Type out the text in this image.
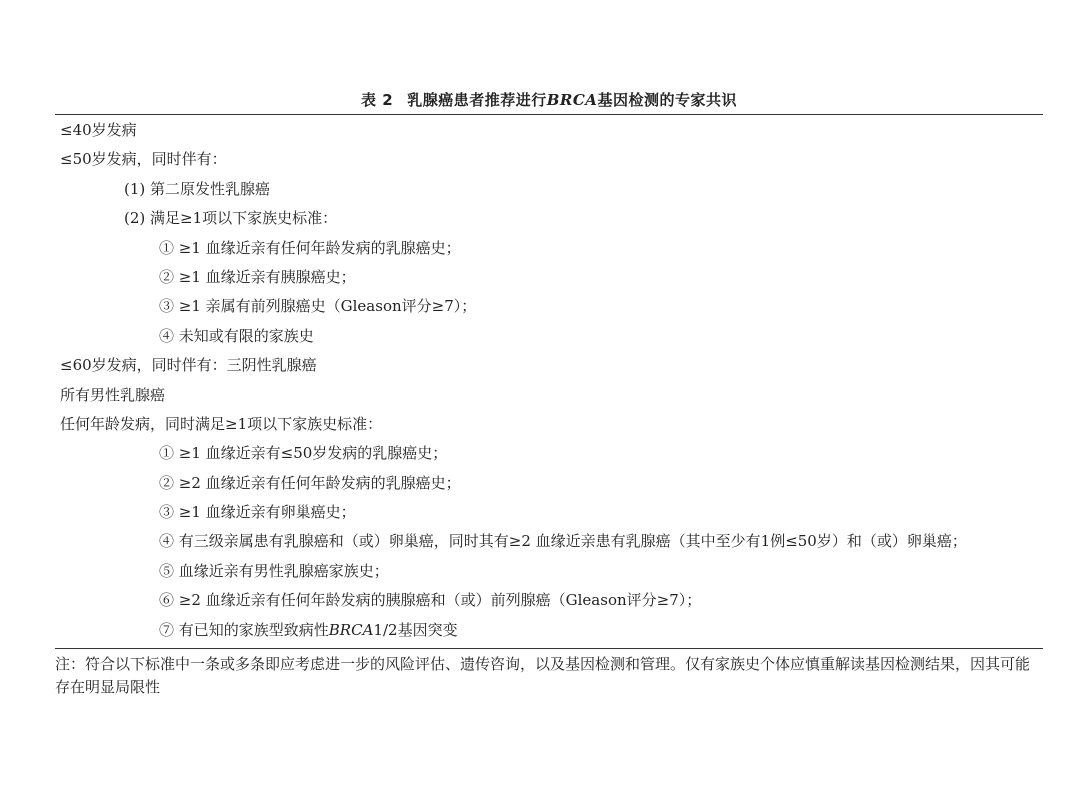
表 2 乳腺癌患者推荐进行BRCA基因检测的专家共识
≤40岁发病
≤50岁发病，同时伴有：
(1) 第二原发性乳腺癌
(2) 满足≥1项以下家族史标准：
① ≥1 血缘近亲有任何年龄发病的乳腺癌史；
② ≥1 血缘近亲有胰腺癌史；
③ ≥1 亲属有前列腺癌史（Gleason评分≥7）；
④ 未知或有限的家族史
≤60岁发病，同时伴有：三阴性乳腺癌
所有男性乳腺癌
任何年龄发病，同时满足≥1项以下家族史标准：
① ≥1 血缘近亲有≤50岁发病的乳腺癌史；
② ≥2 血缘近亲有任何年龄发病的乳腺癌史；
③ ≥1 血缘近亲有卵巢癌史；
④ 有三级亲属患有乳腺癌和（或）卵巢癌，同时其有≥2 血缘近亲患有乳腺癌（其中至少有1例≤50岁）和（或）卵巢癌；
⑤ 血缘近亲有男性乳腺癌家族史；
⑥ ≥2 血缘近亲有任何年龄发病的胰腺癌和（或）前列腺癌（Gleason评分≥7）；
⑦ 有已知的家族型致病性BRCA1/2基因突变
注：符合以下标准中一条或多条即应考虑进一步的风险评估、遗传咨询，以及基因检测和管理。仅有家族史个体应慎重解读基因检测结果，因其可能存在明显局限性
